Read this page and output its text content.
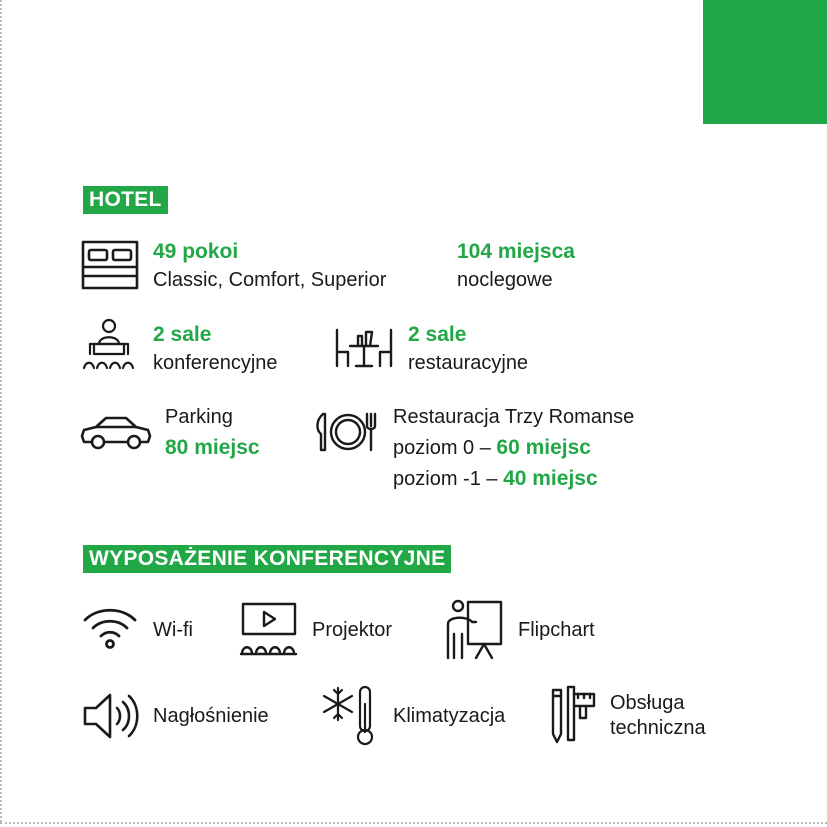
HOTEL
49 pokoi
Classic, Comfort, Superior
104 miejsca
noclegowe
2 sale
konferencyjne
2 sale
restauracyjne
Parking
80 miejsc
Restauracja Trzy Romanse
poziom 0 – 60 miejsc
poziom -1 – 40 miejsc
WYPOSAŻENIE KONFERENCYJNE
Wi-fi	Projektor	Flipchart
Nagłośnienie	Klimatyzacja
Obsługa
techniczna
